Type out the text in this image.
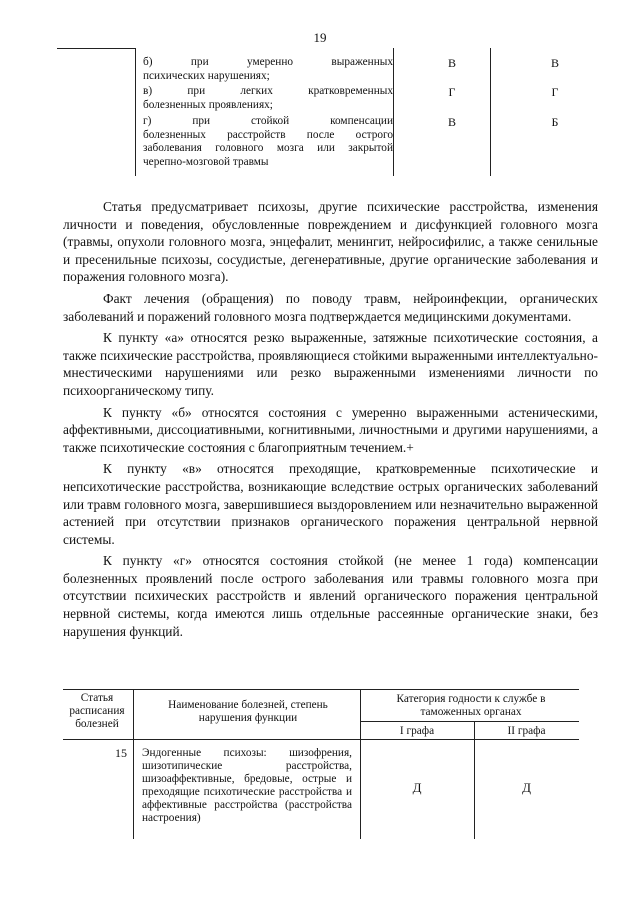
19
б) при умеренно выраженных
психических нарушениях;
В	В
в) при легких кратковременных
болезненных проявлениях;
Г	Г
г) при стойкой компенсации
болезненных расстройств после острого заболевания головного мозга или закрытой черепно-мозговой травмы
В	Б

Статья предусматривает психозы, другие психические расстройства, изменения личности и поведения, обусловленные повреждением и дисфункцией головного мозга (травмы, опухоли головного мозга, энцефалит, менингит, нейросифилис, а также сенильные и пресенильные психозы, сосудистые, дегенеративные, другие органические заболевания и поражения головного мозга).

Факт лечения (обращения) по поводу травм, нейроинфекции, органических заболеваний и поражений головного мозга подтверждается медицинскими документами.

К пункту «а» относятся резко выраженные, затяжные психотические состояния, а также психические расстройства, проявляющиеся стойкими выраженными интеллектуально-мнестическими нарушениями или резко выраженными изменениями личности по психоорганическому типу.

К пункту «б» относятся состояния с умеренно выраженными астеническими, аффективными, диссоциативными, когнитивными, личностными и другими нарушениями, а также психотические состояния с благоприятным течением.+

К пункту «в» относятся преходящие, кратковременные психотические и непсихотические расстройства, возникающие вследствие острых органических заболеваний или травм головного мозга, завершившиеся выздоровлением или незначительно выраженной астенией при отсутствии признаков органического поражения центральной нервной системы.

К пункту «г» относятся состояния стойкой (не менее 1 года) компенсации болезненных проявлений после острого заболевания или травмы головного мозга при отсутствии психических расстройств и явлений органического поражения центральной нервной системы, когда имеются лишь отдельные рассеянные органические знаки, без нарушения функций.

Статья расписания болезней
Наименование болезней, степень нарушения функции
Категория годности к службе в таможенных органах
I графа	II графа
15 Эндогенные психозы: шизофрения, шизотипические расстройства, шизоаффективные, бредовые, острые и преходящие психотические расстройства и аффективные расстройства (расстройства настроения)
Д	Д
